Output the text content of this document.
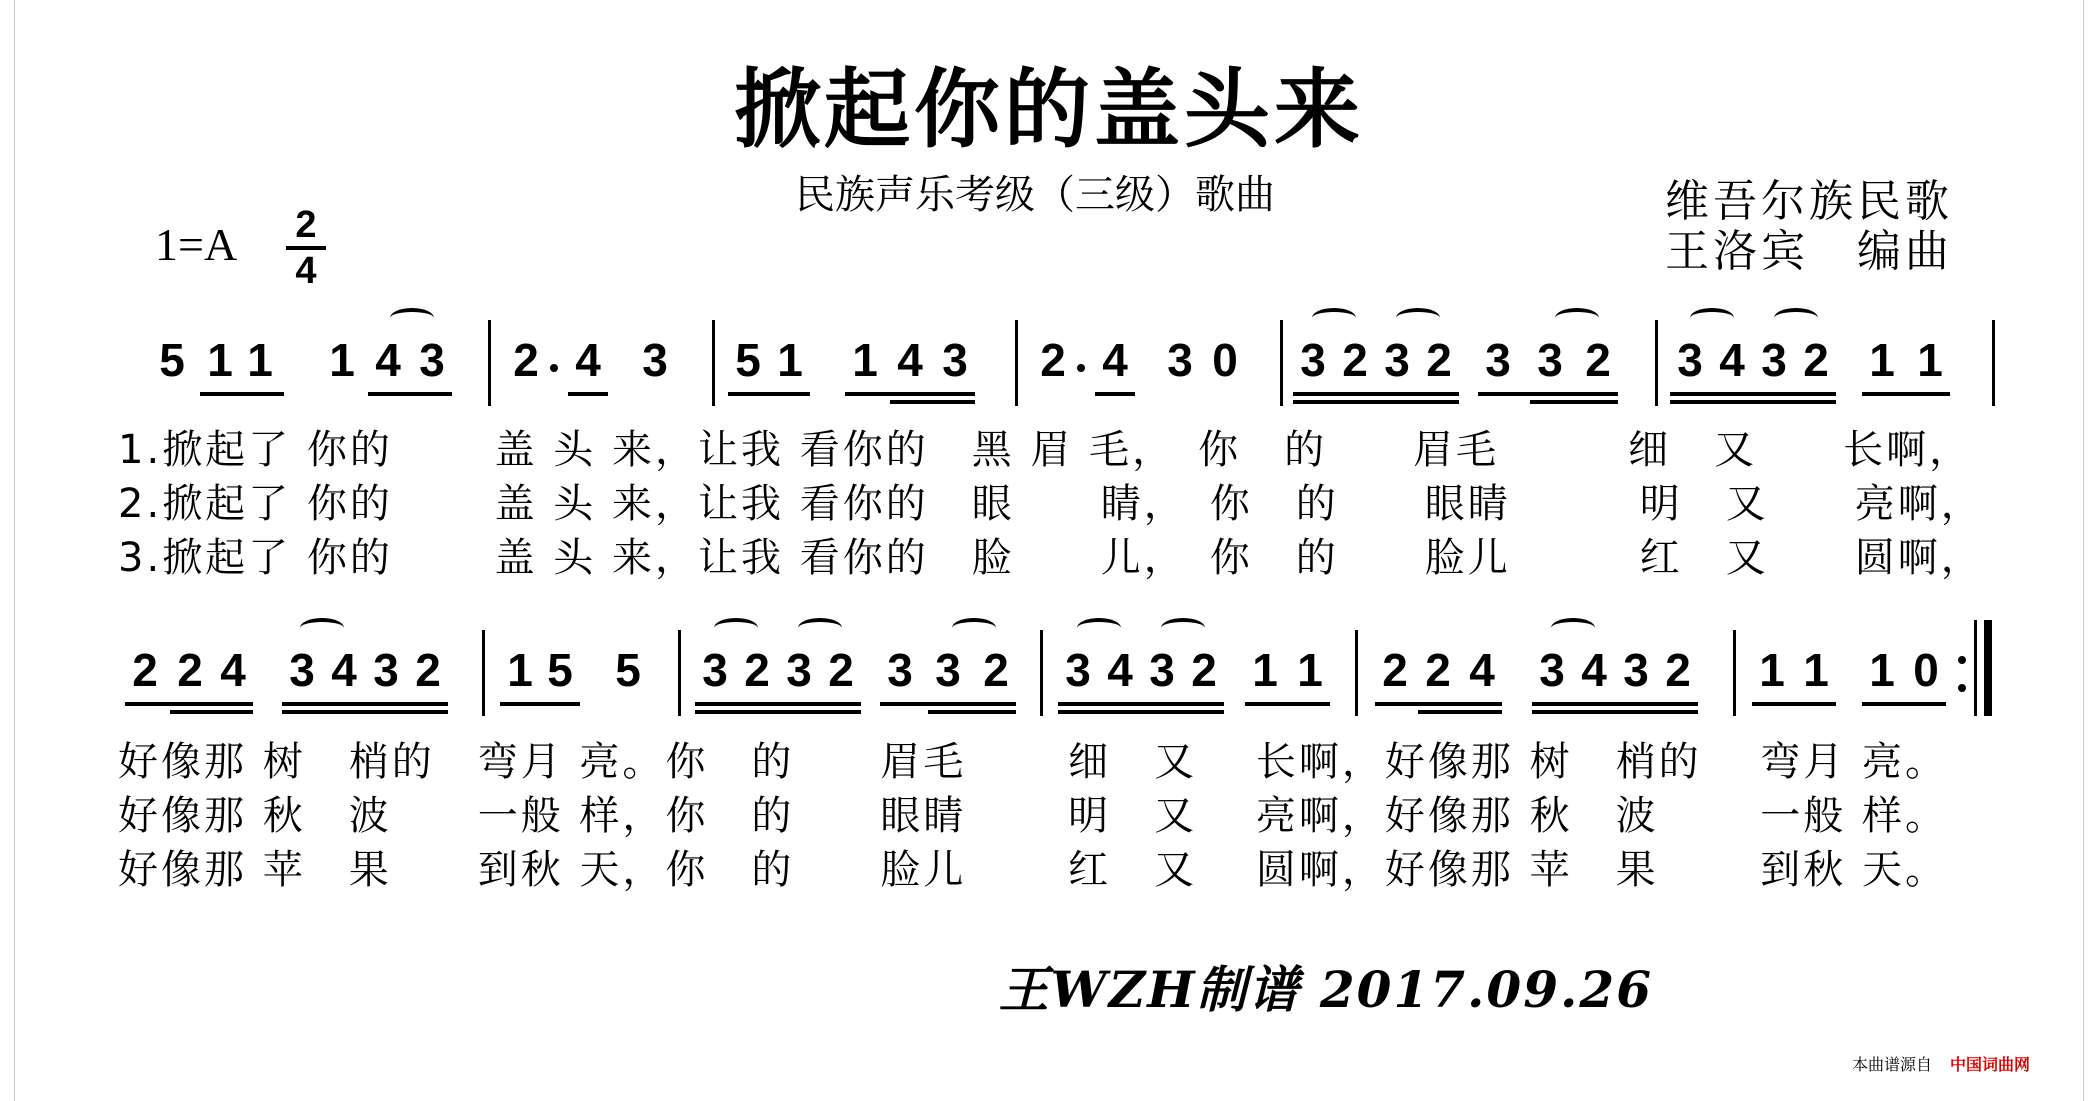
掀起你的盖头来
民族声乐考级（三级）歌曲	维吾尔族民歌
王洛宾　编曲
1=A 2
4
5 1 1 1 4 3 2 4 3 5 1 1 4 3 2 4 3 0 3 2 3 2 3 3 2 3 4 3 2 1 1
1.掀起了 你的　　 盖 头 来，让我 看你的　黑 眉 毛，　你　的　　眉毛　　　细　又　　长啊，
2.掀起了 你的　　 盖 头 来，让我 看你的　眼　　睛，　你　的　　眼睛　　　明　又　　亮啊，
3.掀起了 你的　　 盖 头 来，让我 看你的　脸　　儿，　你　的　　脸儿　　　红　又　　圆啊，
2 2 4 3 4 3 2 1 5 5 3 2 3 2 3 3 2 3 4 3 2 1 1 2 2 4 3 4 3 2 1 1 1 0
好像那 树　梢的　弯月 亮。你　的　　眉毛　　 细　又　 长啊，好像那 树　梢的　 弯月 亮。
好像那 秋　波　　一般 样，你　的　　眼睛　　 明　又　 亮啊，好像那 秋　波　　 一般 样。
好像那 苹　果　　到秋 天，你　的　　脸儿　　 红　又　 圆啊，好像那 苹　果　　 到秋 天。
王WZH制谱 2017.09.26
本曲谱源自 中国词曲网
